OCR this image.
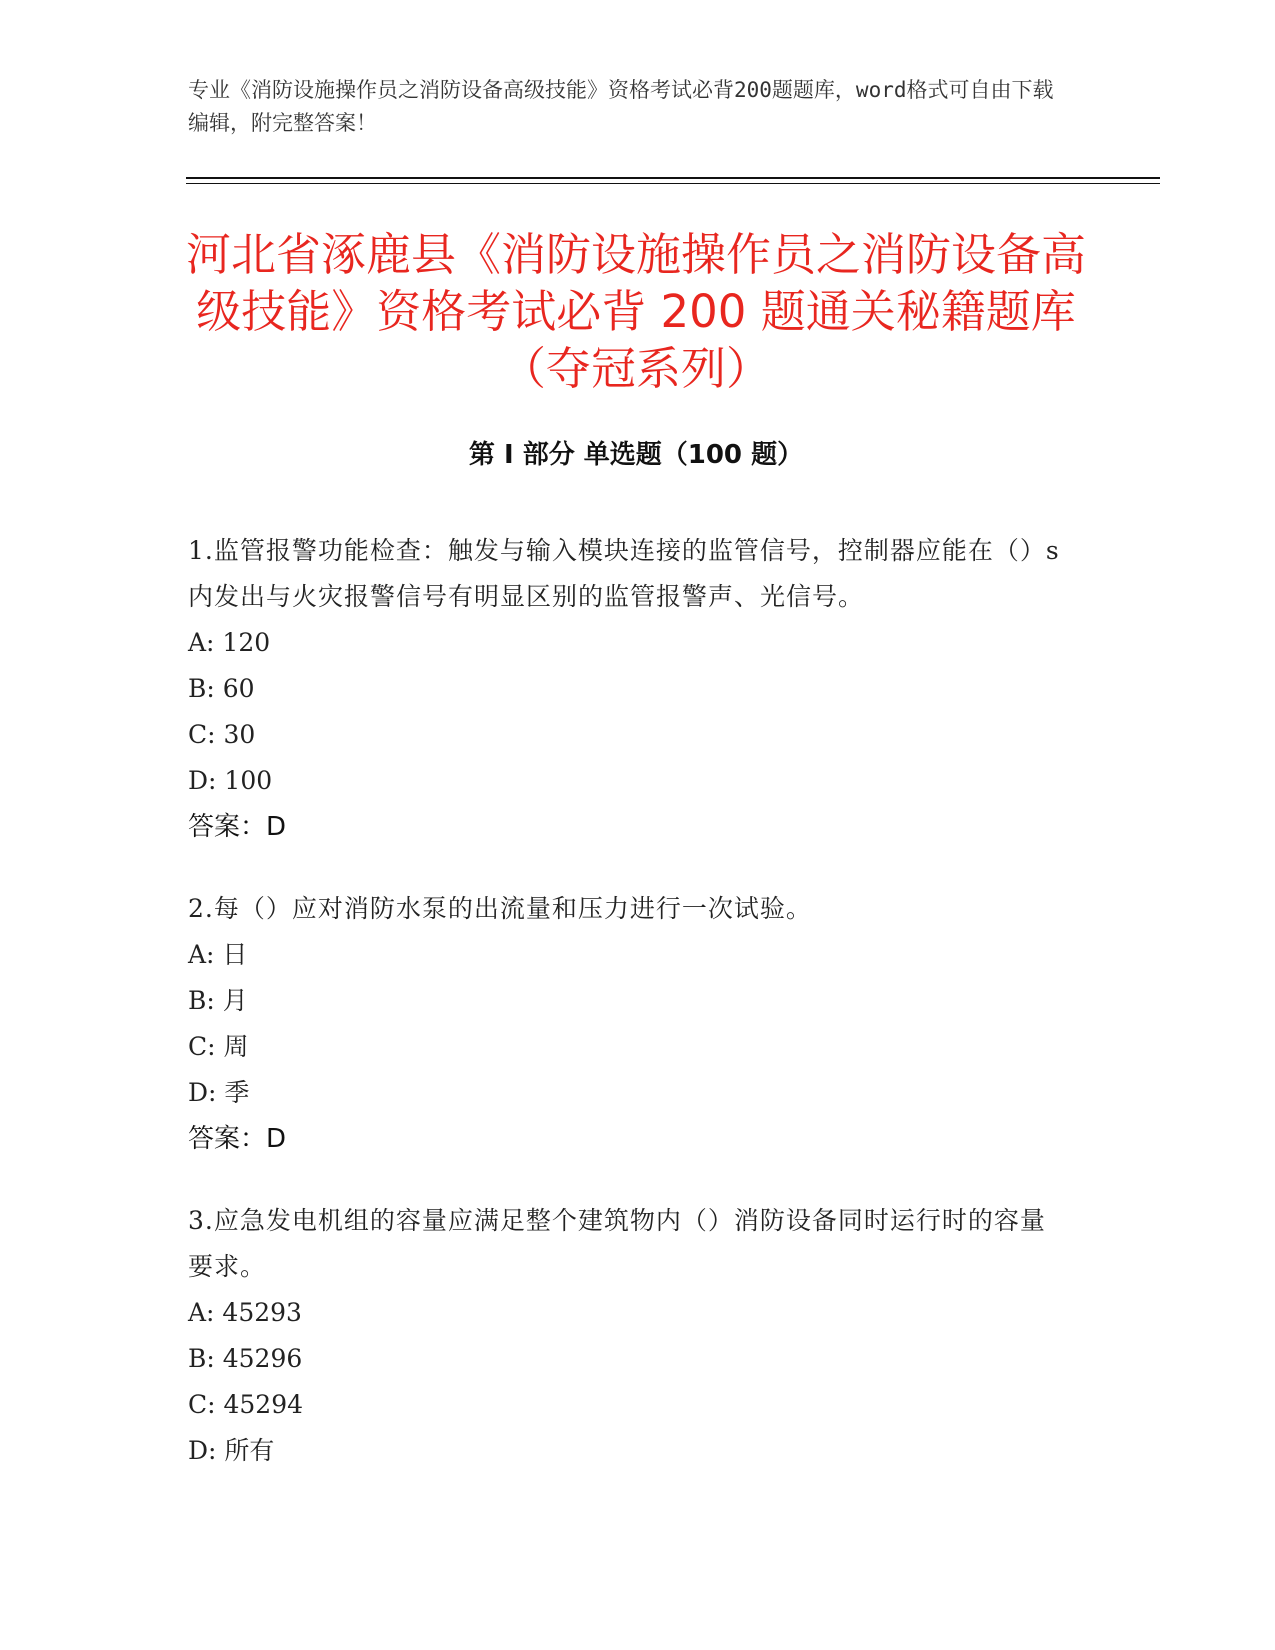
专业《消防设施操作员之消防设备高级技能》资格考试必背200题题库，word格式可自由下载编辑，附完整答案！
河北省涿鹿县《消防设施操作员之消防设备高级技能》资格考试必背 200 题通关秘籍题库（夺冠系列）
第 I 部分 单选题（100 题）

1.监管报警功能检查：触发与输入模块连接的监管信号，控制器应能在（）s内发出与火灾报警信号有明显区别的监管报警声、光信号。

A: 120

B: 60

C: 30

D: 100

答案：D

2.每（）应对消防水泵的出流量和压力进行一次试验。

A: 日

B: 月

C: 周

D: 季

答案：D

3.应急发电机组的容量应满足整个建筑物内（）消防设备同时运行时的容量要求。

A: 45293

B: 45296

C: 45294

D: 所有
